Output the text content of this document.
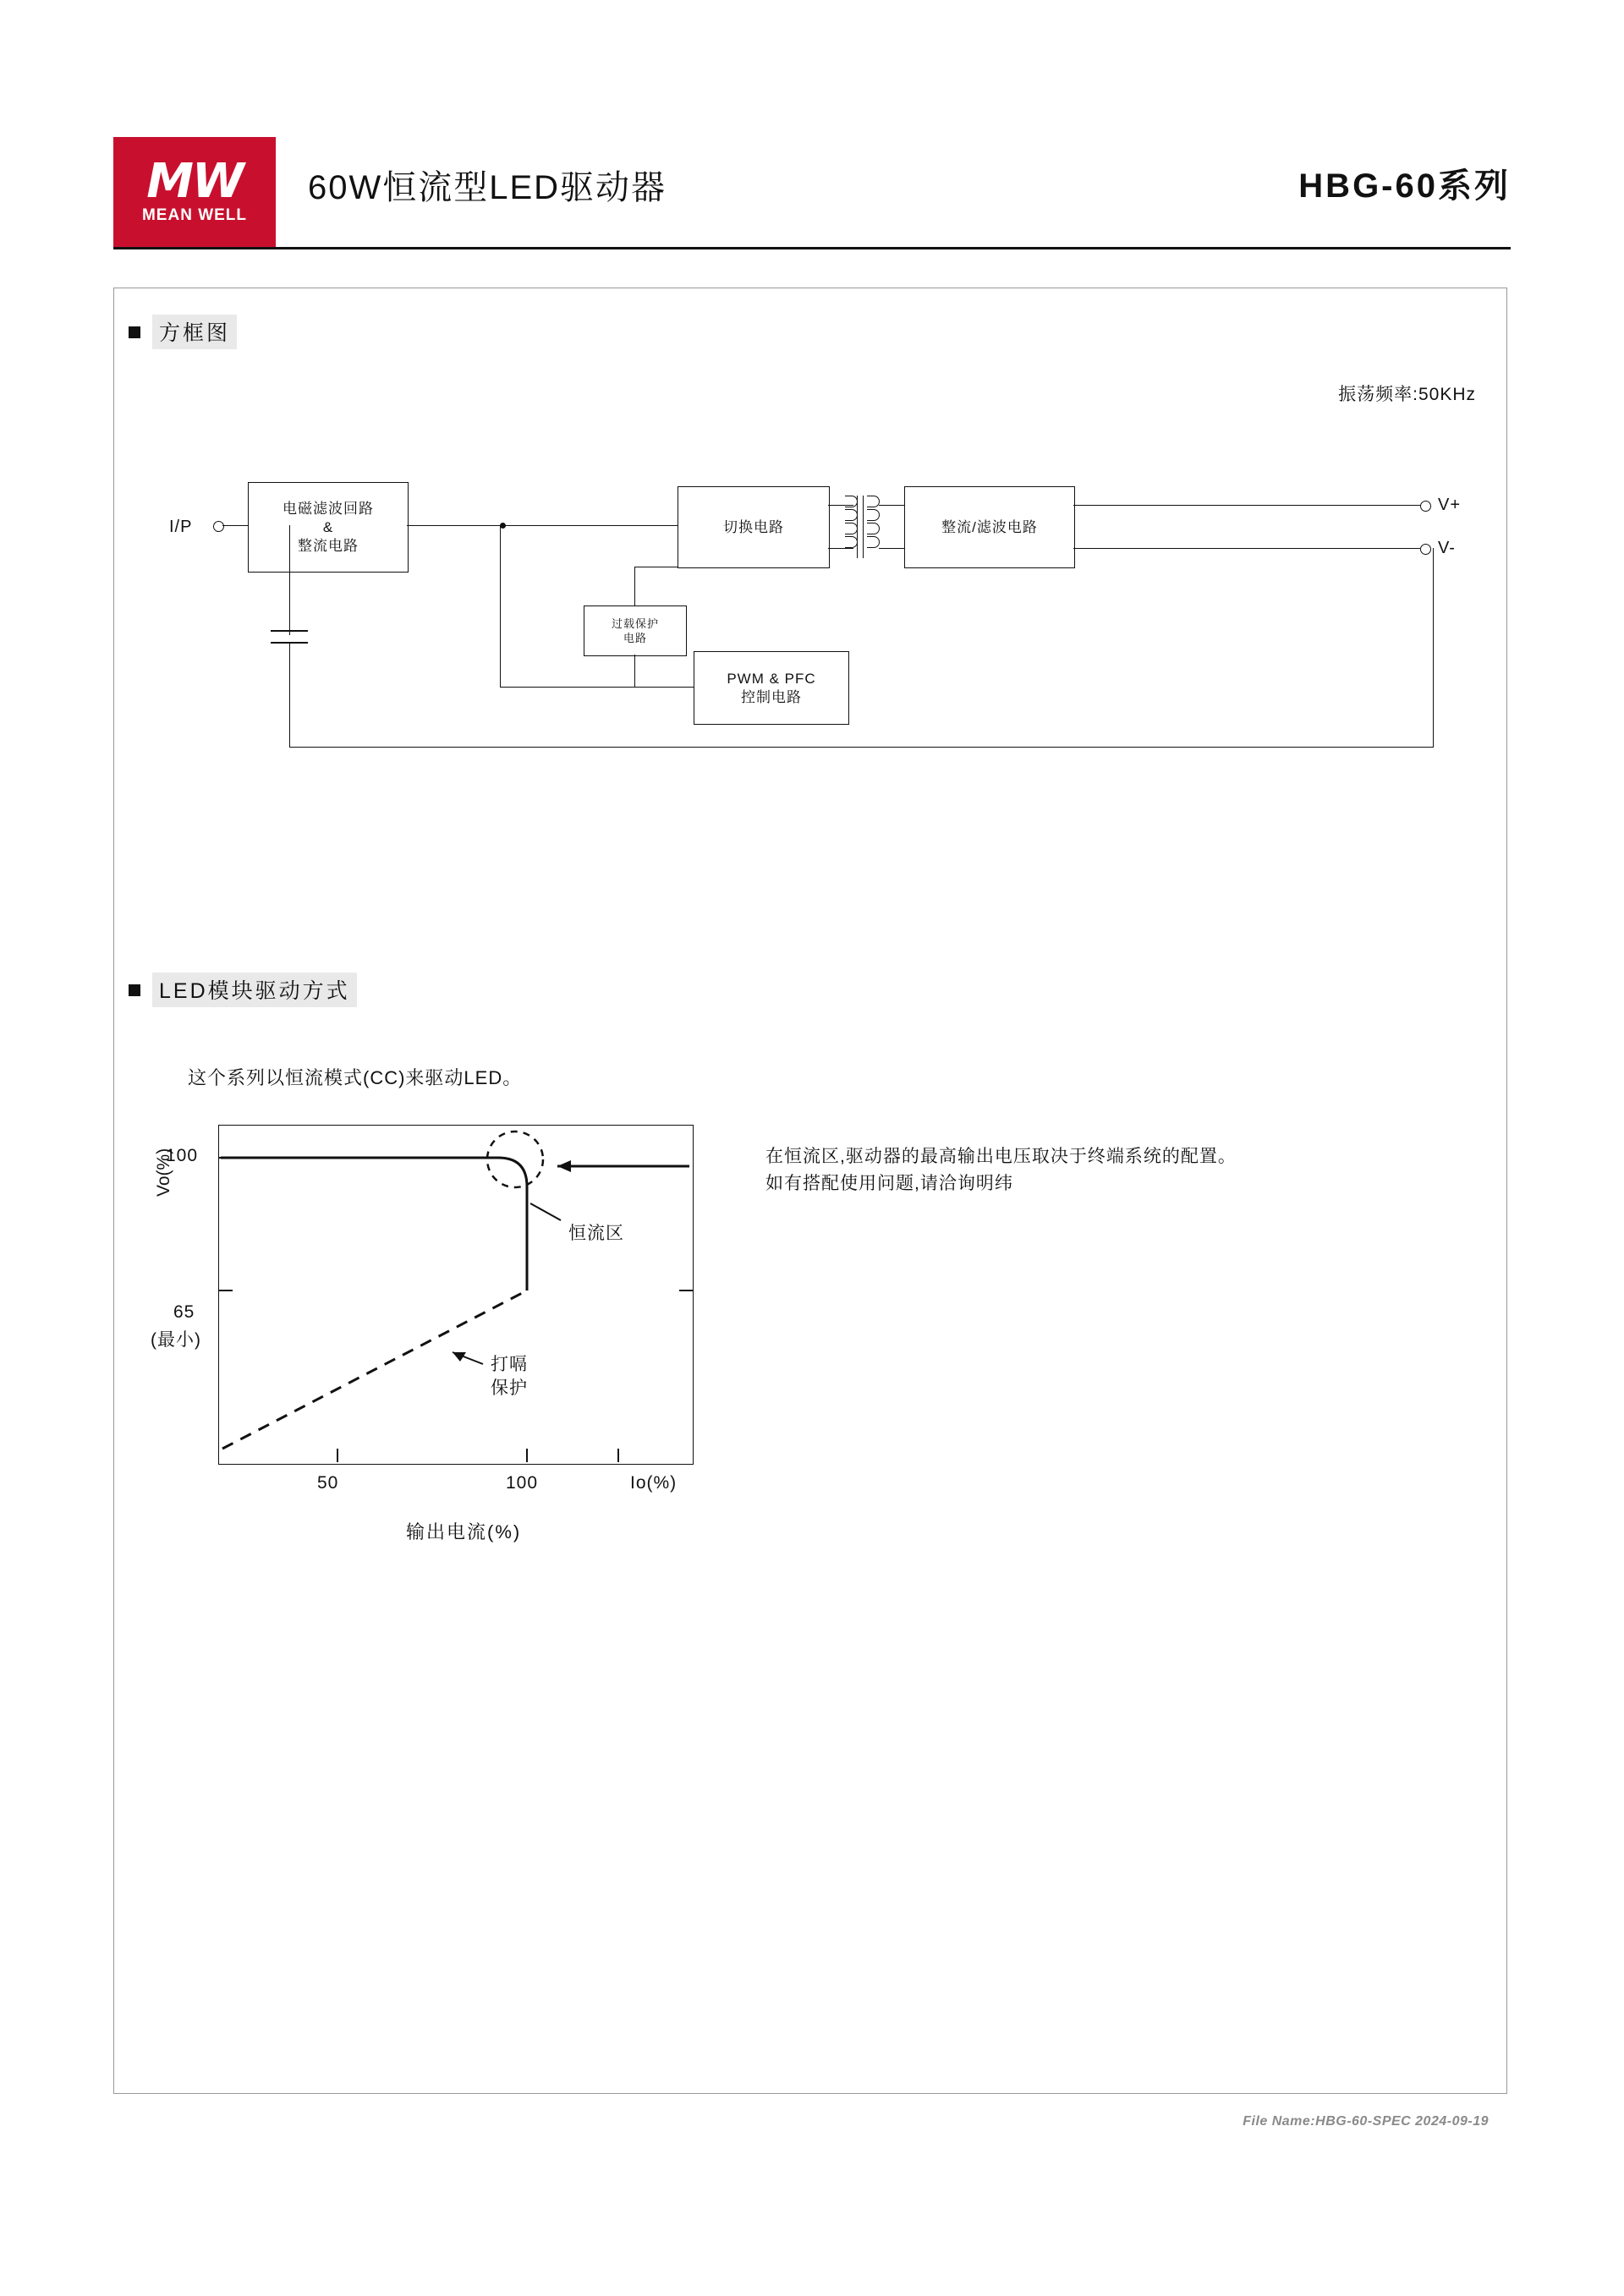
MW
MEAN WELL
60W恒流型LED驱动器	HBG-60系列
方框图
振荡频率:50KHz
I/P
电磁滤波回路
&
整流电路
切换电路	整流/滤波电路
V+
V-
过载保护
电路
PWM & PFC
控制电路
LED模块驱动方式
这个系列以恒流模式(CC)来驱动LED。
Vo(%)
100
65
(最小)
50	100	Io(%)
恒流区
打嗝
保护
在恒流区,驱动器的最高输出电压取决于终端系统的配置。
如有搭配使用问题,请洽询明纬
输出电流(%)
File Name:HBG-60-SPEC 2024-09-19
